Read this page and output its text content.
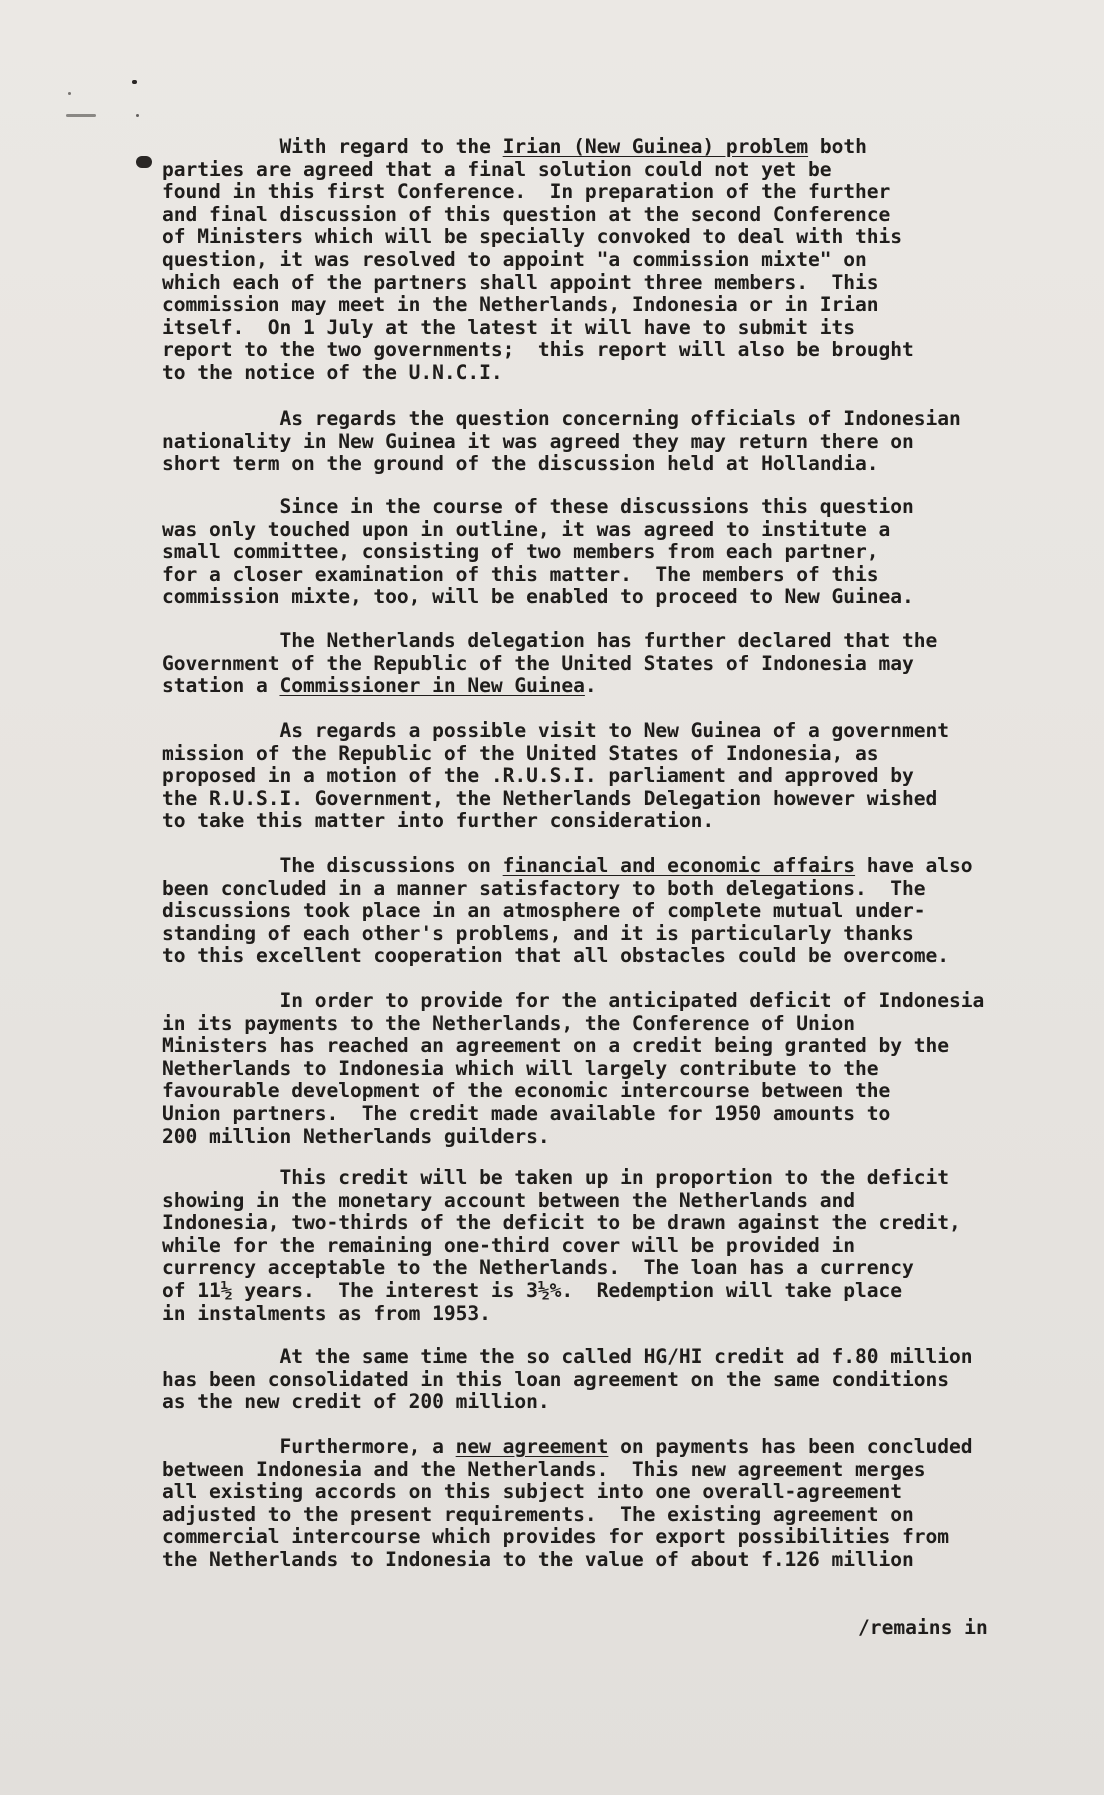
With regard to the Irian (New Guinea) problem both
parties are agreed that a final solution could not yet be
found in this first Conference.  In preparation of the further
and final discussion of this question at the second Conference
of Ministers which will be specially convoked to deal with this
question, it was resolved to appoint "a commission mixte" on
which each of the partners shall appoint three members.  This
commission may meet in the Netherlands, Indonesia or in Irian
itself.  On 1 July at the latest it will have to submit its
report to the two governments;  this report will also be brought
to the notice of the U.N.C.I.
As regards the question concerning officials of Indonesian
nationality in New Guinea it was agreed they may return there on
short term on the ground of the discussion held at Hollandia.
Since in the course of these discussions this question
was only touched upon in outline, it was agreed to institute a
small committee, consisting of two members from each partner,
for a closer examination of this matter.  The members of this
commission mixte, too, will be enabled to proceed to New Guinea.
The Netherlands delegation has further declared that the
Government of the Republic of the United States of Indonesia may
station a Commissioner in New Guinea.
As regards a possible visit to New Guinea of a government
mission of the Republic of the United States of Indonesia, as
proposed in a motion of the .R.U.S.I. parliament and approved by
the R.U.S.I. Government, the Netherlands Delegation however wished
to take this matter into further consideration.
The discussions on financial and economic affairs have also
been concluded in a manner satisfactory to both delegations.  The
discussions took place in an atmosphere of complete mutual under-
standing of each other's problems, and it is particularly thanks
to this excellent cooperation that all obstacles could be overcome.
In order to provide for the anticipated deficit of Indonesia
in its payments to the Netherlands, the Conference of Union
Ministers has reached an agreement on a credit being granted by the
Netherlands to Indonesia which will largely contribute to the
favourable development of the economic intercourse between the
Union partners.  The credit made available for 1950 amounts to
200 million Netherlands guilders.
This credit will be taken up in proportion to the deficit
showing in the monetary account between the Netherlands and
Indonesia, two-thirds of the deficit to be drawn against the credit,
while for the remaining one-third cover will be provided in
currency acceptable to the Netherlands.  The loan has a currency
of 11½ years.  The interest is 3½%.  Redemption will take place
in instalments as from 1953.
At the same time the so called HG/HI credit ad f.80 million
has been consolidated in this loan agreement on the same conditions
as the new credit of 200 million.
Furthermore, a new agreement on payments has been concluded
between Indonesia and the Netherlands.  This new agreement merges
all existing accords on this subject into one overall-agreement
adjusted to the present requirements.  The existing agreement on
commercial intercourse which provides for export possibilities from
the Netherlands to Indonesia to the value of about f.126 million
/remains in
